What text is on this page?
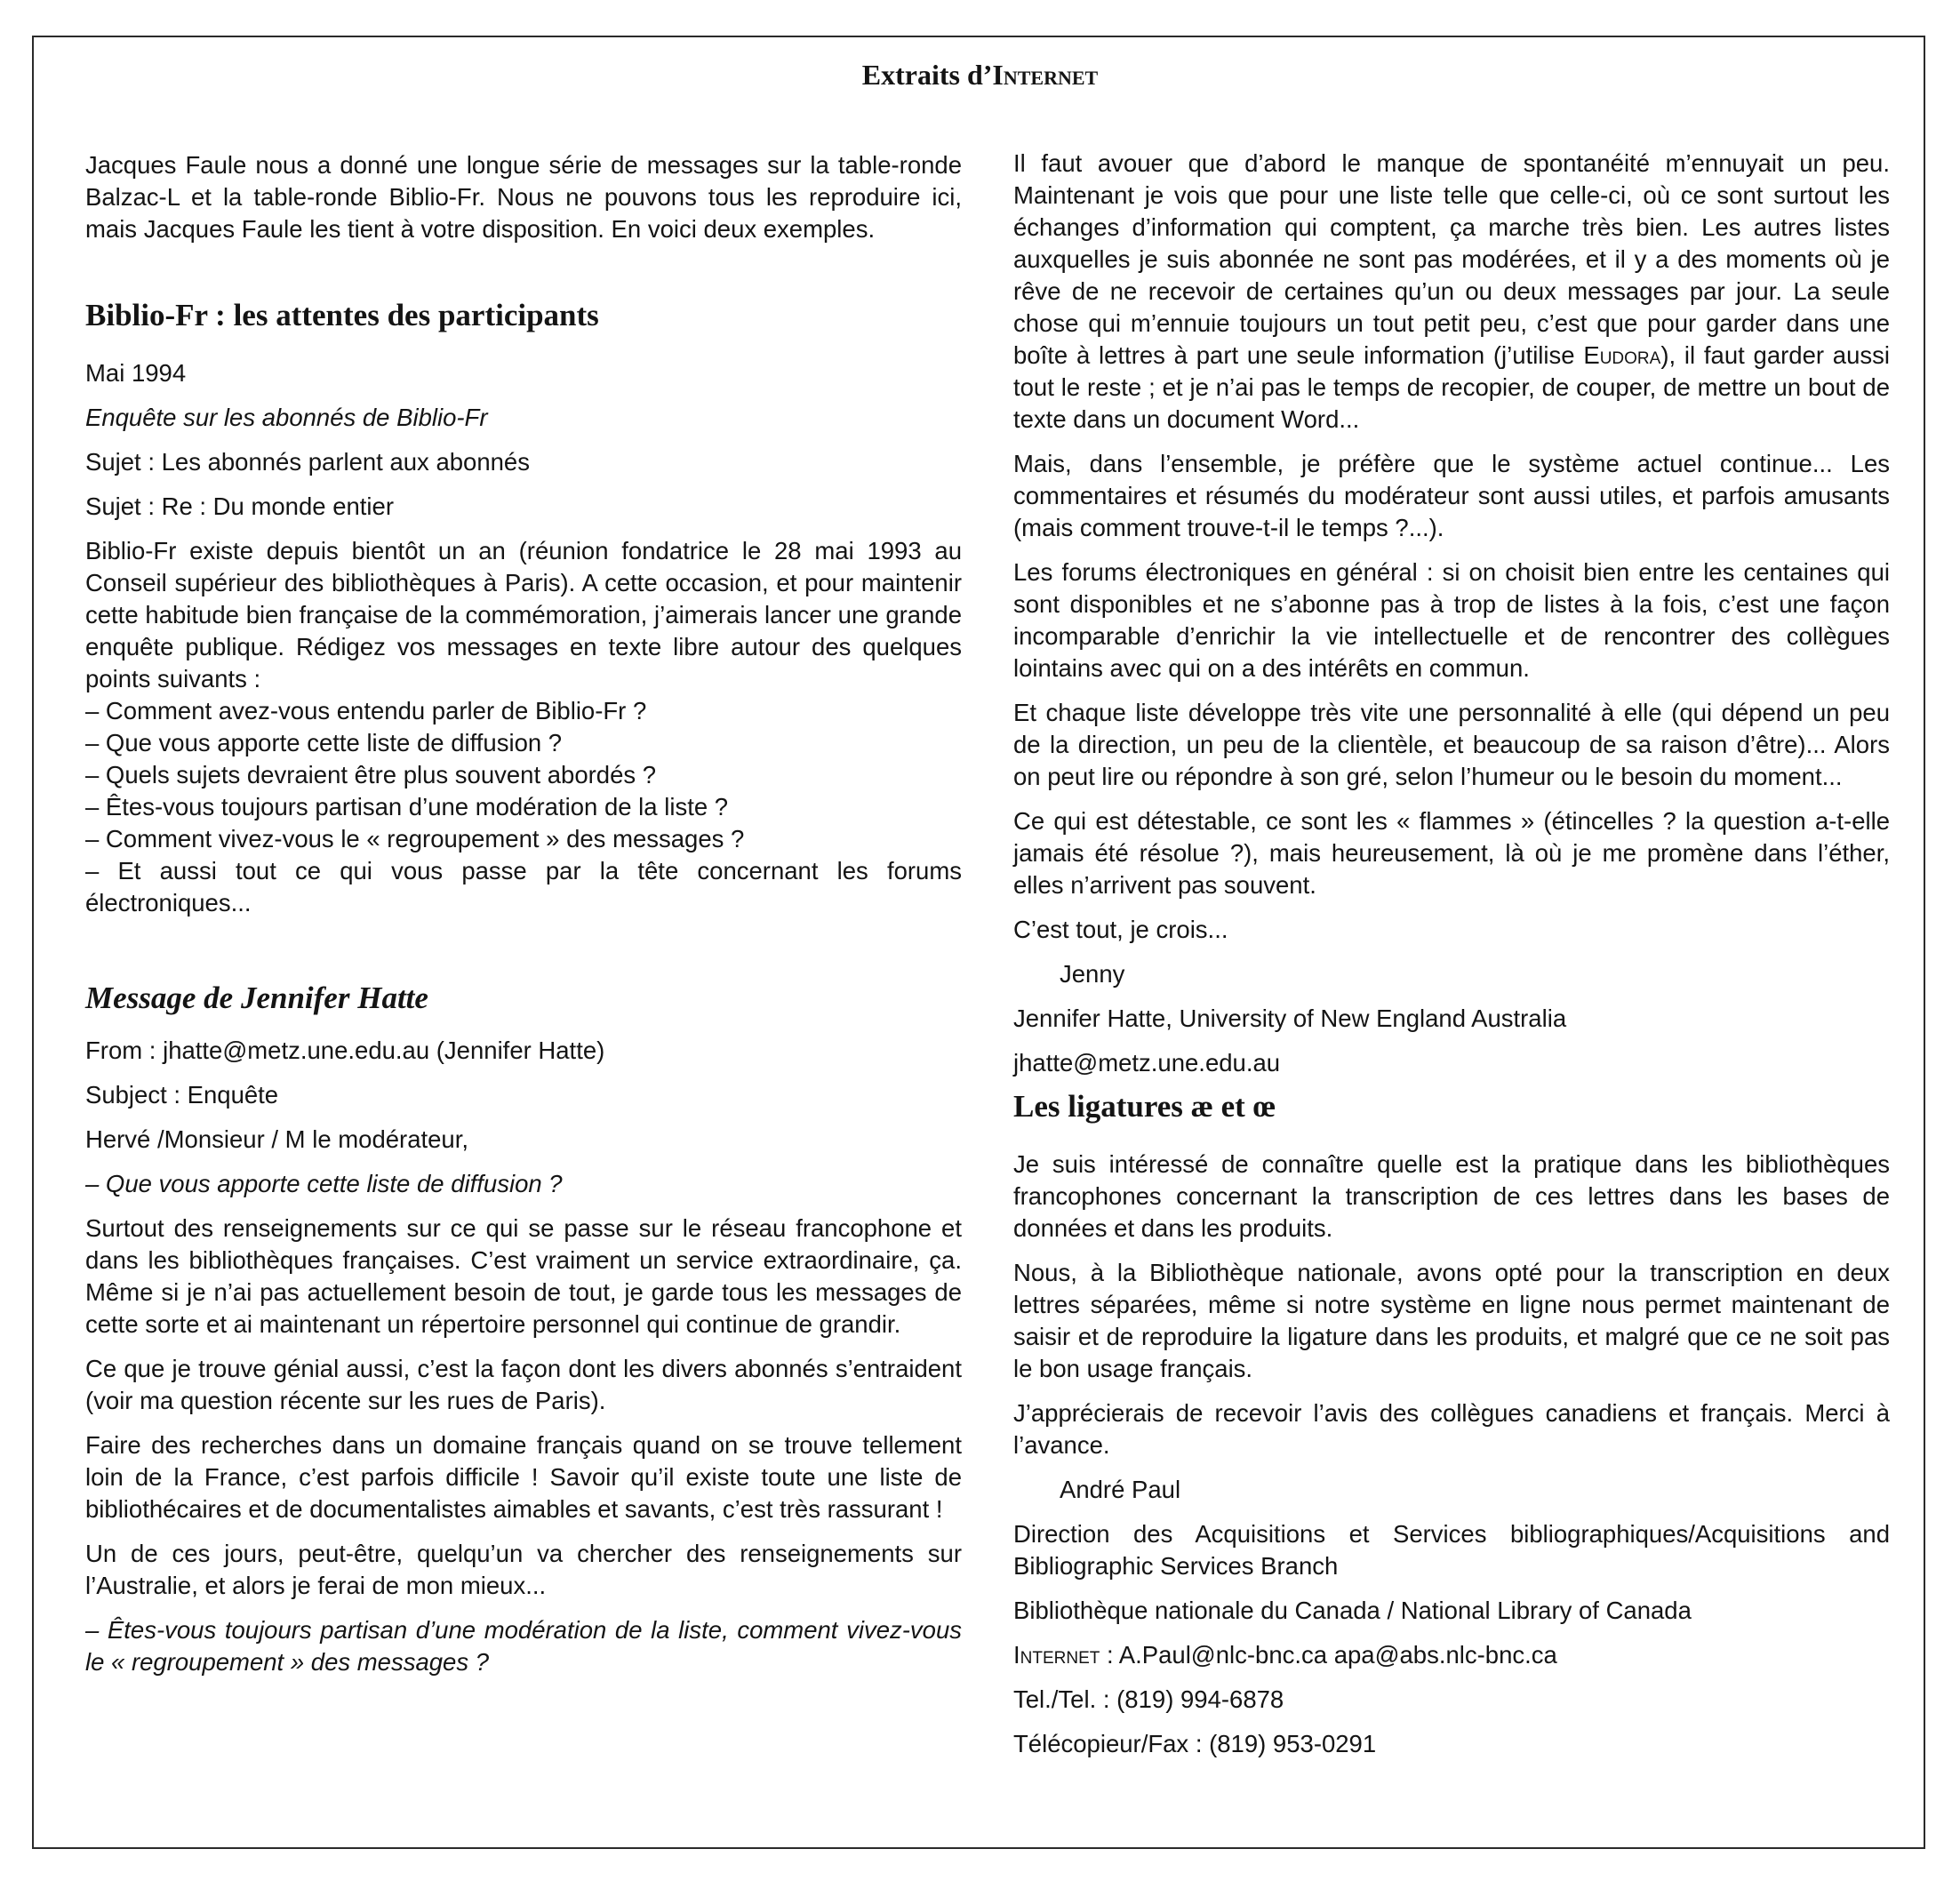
Extraits d’Internet

Jacques Faule nous a donné une longue série de messages sur la table-ronde Balzac-L et la table-ronde Biblio-Fr. Nous ne pouvons tous les reproduire ici, mais Jacques Faule les tient à votre disposition. En voici deux exemples.

Biblio-Fr : les attentes des participants

Mai 1994

Enquête sur les abonnés de Biblio-Fr

Sujet : Les abonnés parlent aux abonnés

Sujet : Re : Du monde entier

Biblio-Fr existe depuis bientôt un an (réunion fondatrice le 28 mai 1993 au Conseil supérieur des bibliothèques à Paris). A cette occasion, et pour maintenir cette habitude bien française de la commémoration, j’aimerais lancer une grande enquête publique. Rédigez vos messages en texte libre autour des quelques points suivants :

– Comment avez-vous entendu parler de Biblio-Fr ?
– Que vous apporte cette liste de diffusion ?
– Quels sujets devraient être plus souvent abordés ?
– Êtes-vous toujours partisan d’une modération de la liste ?
– Comment vivez-vous le « regroupement » des messages ?
– Et aussi tout ce qui vous passe par la tête concernant les forums électroniques...
Message de Jennifer Hatte

From : jhatte@metz.une.edu.au (Jennifer Hatte)

Subject : Enquête

Hervé /Monsieur / M le modérateur,

– Que vous apporte cette liste de diffusion ?

Surtout des renseignements sur ce qui se passe sur le réseau francophone et dans les bibliothèques françaises. C’est vraiment un service extraordinaire, ça. Même si je n’ai pas actuellement besoin de tout, je garde tous les messages de cette sorte et ai maintenant un répertoire personnel qui continue de grandir.

Ce que je trouve génial aussi, c’est la façon dont les divers abonnés s’entraident (voir ma question récente sur les rues de Paris).

Faire des recherches dans un domaine français quand on se trouve tellement loin de la France, c’est parfois difficile ! Savoir qu’il existe toute une liste de bibliothécaires et de documentalistes aimables et savants, c’est très rassurant !

Un de ces jours, peut-être, quelqu’un va chercher des renseignements sur l’Australie, et alors je ferai de mon mieux...

– Êtes-vous toujours partisan d’une modération de la liste, comment vivez-vous le « regroupement » des messages ?

Il faut avouer que d’abord le manque de spontanéité m’ennuyait un peu. Maintenant je vois que pour une liste telle que celle-ci, où ce sont surtout les échanges d’information qui comptent, ça marche très bien. Les autres listes auxquelles je suis abonnée ne sont pas modérées, et il y a des moments où je rêve de ne recevoir de certaines qu’un ou deux messages par jour. La seule chose qui m’ennuie toujours un tout petit peu, c’est que pour garder dans une boîte à lettres à part une seule information (j’utilise Eudora), il faut garder aussi tout le reste ; et je n’ai pas le temps de recopier, de couper, de mettre un bout de texte dans un document Word...

Mais, dans l’ensemble, je préfère que le système actuel continue... Les commentaires et résumés du modérateur sont aussi utiles, et parfois amusants (mais comment trouve-t-il le temps ?...).

Les forums électroniques en général : si on choisit bien entre les centaines qui sont disponibles et ne s’abonne pas à trop de listes à la fois, c’est une façon incomparable d’enrichir la vie intellectuelle et de rencontrer des collègues lointains avec qui on a des intérêts en commun.

Et chaque liste développe très vite une personnalité à elle (qui dépend un peu de la direction, un peu de la clientèle, et beaucoup de sa raison d’être)... Alors on peut lire ou répondre à son gré, selon l’humeur ou le besoin du moment...

Ce qui est détestable, ce sont les « flammes » (étincelles ? la question a-t-elle jamais été résolue ?), mais heureusement, là où je me promène dans l’éther, elles n’arrivent pas souvent.

C’est tout, je crois...

Jenny

Jennifer Hatte, University of New England Australia

jhatte@metz.une.edu.au

Les ligatures æ et œ

Je suis intéressé de connaître quelle est la pratique dans les bibliothèques francophones concernant la transcription de ces lettres dans les bases de données et dans les produits.

Nous, à la Bibliothèque nationale, avons opté pour la transcription en deux lettres séparées, même si notre système en ligne nous permet maintenant de saisir et de reproduire la ligature dans les produits, et malgré que ce ne soit pas le bon usage français.

J’apprécierais de recevoir l’avis des collègues canadiens et français. Merci à l’avance.

André Paul

Direction des Acquisitions et Services bibliographiques/Acquisitions and Bibliographic Services Branch

Bibliothèque nationale du Canada / National Library of Canada

Internet : A.Paul@nlc-bnc.ca apa@abs.nlc-bnc.ca

Tel./Tel. : (819) 994-6878

Télécopieur/Fax : (819) 953-0291
